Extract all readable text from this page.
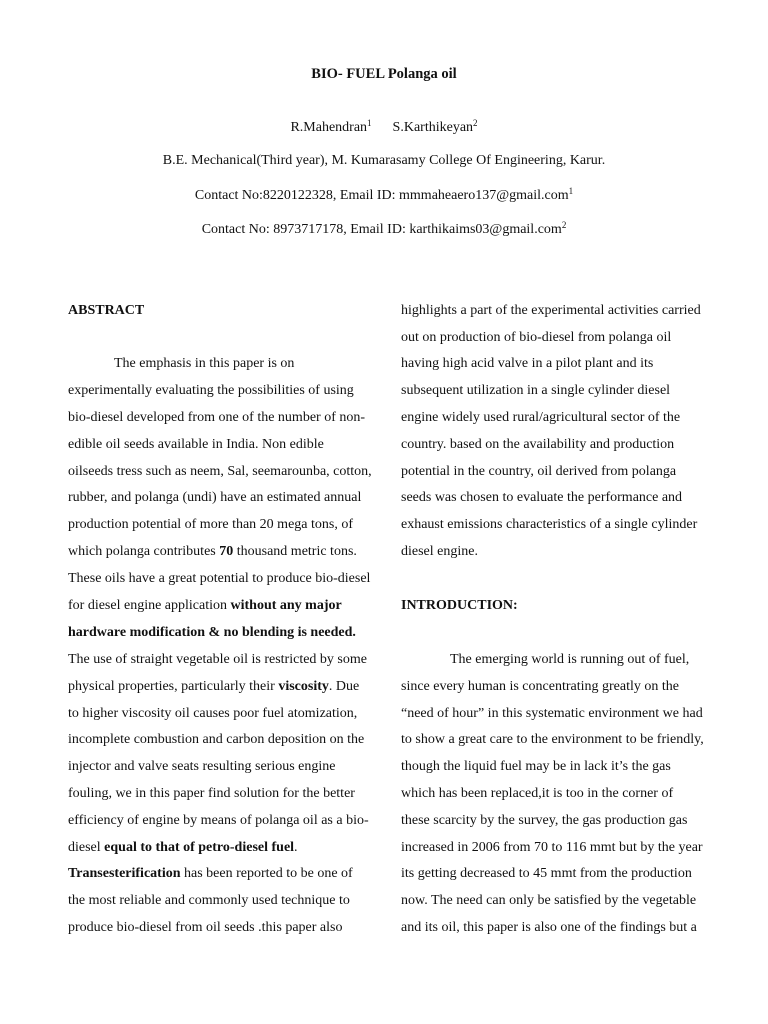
BIO- FUEL Polanga oil
R.Mahendran$^1$ S.Karthikeyan$^2$
B.E. Mechanical(Third year), M. Kumarasamy College Of Engineering, Karur.
Contact No:8220122328, Email ID: mmmaheaero137@gmail.com$^1$
Contact No: 8973717178, Email ID: karthikaims03@gmail.com$^2$
ABSTRACT
The emphasis in this paper is on
experimentally evaluating the possibilities of using
bio-diesel developed from one of the number of non-
edible oil seeds available in India. Non edible
oilseeds tress such as neem, Sal, seemarounba, cotton,
rubber, and polanga (undi) have an estimated annual
production potential of more than 20 mega tons, of
which polanga contributes 70 thousand metric tons.
These oils have a great potential to produce bio-diesel
for diesel engine application without any major
hardware modification & no blending is needed.
The use of straight vegetable oil is restricted by some
physical properties, particularly their viscosity. Due
to higher viscosity oil causes poor fuel atomization,
incomplete combustion and carbon deposition on the
injector and valve seats resulting serious engine
fouling, we in this paper find solution for the better
efficiency of engine by means of polanga oil as a bio-
diesel equal to that of petro-diesel fuel.
Transesterification has been reported to be one of
the most reliable and commonly used technique to
produce bio-diesel from oil seeds .this paper also
highlights a part of the experimental activities carried
out on production of bio-diesel from polanga oil
having high acid valve in a pilot plant and its
subsequent utilization in a single cylinder diesel
engine widely used rural/agricultural sector of the
country. based on the availability and production
potential in the country, oil derived from polanga
seeds was chosen to evaluate the performance and
exhaust emissions characteristics of a single cylinder
diesel engine.
INTRODUCTION:
The emerging world is running out of fuel,
since every human is concentrating greatly on the
“need of hour” in this systematic environment we had
to show a great care to the environment to be friendly,
though the liquid fuel may be in lack it’s the gas
which has been replaced,it is too in the corner of
these scarcity by the survey, the gas production gas
increased in 2006 from 70 to 116 mmt but by the year
its getting decreased to 45 mmt from the production
now. The need can only be satisfied by the vegetable
and its oil, this paper is also one of the findings but a
